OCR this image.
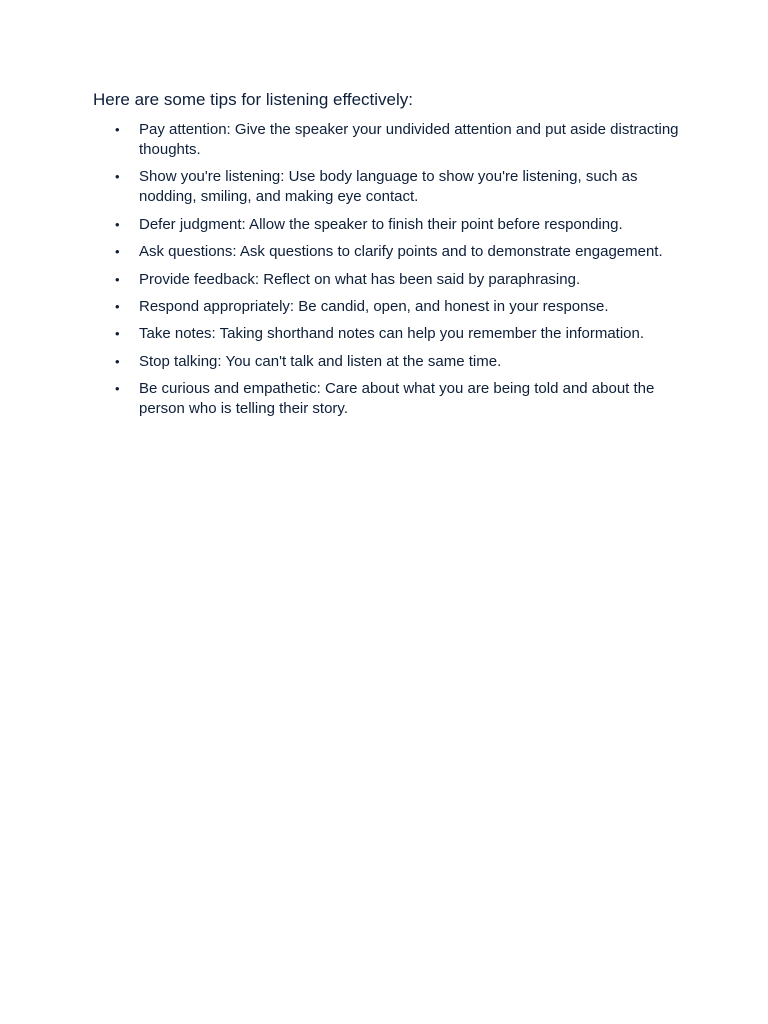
Here are some tips for listening effectively:

• Pay attention: Give the speaker your undivided attention and put aside distracting thoughts.
• Show you're listening: Use body language to show you're listening, such as nodding, smiling, and making eye contact.
• Defer judgment: Allow the speaker to finish their point before responding.
• Ask questions: Ask questions to clarify points and to demonstrate engagement.
• Provide feedback: Reflect on what has been said by paraphrasing.
• Respond appropriately: Be candid, open, and honest in your response.
• Take notes: Taking shorthand notes can help you remember the information.
• Stop talking: You can't talk and listen at the same time.
• Be curious and empathetic: Care about what you are being told and about the person who is telling their story.
